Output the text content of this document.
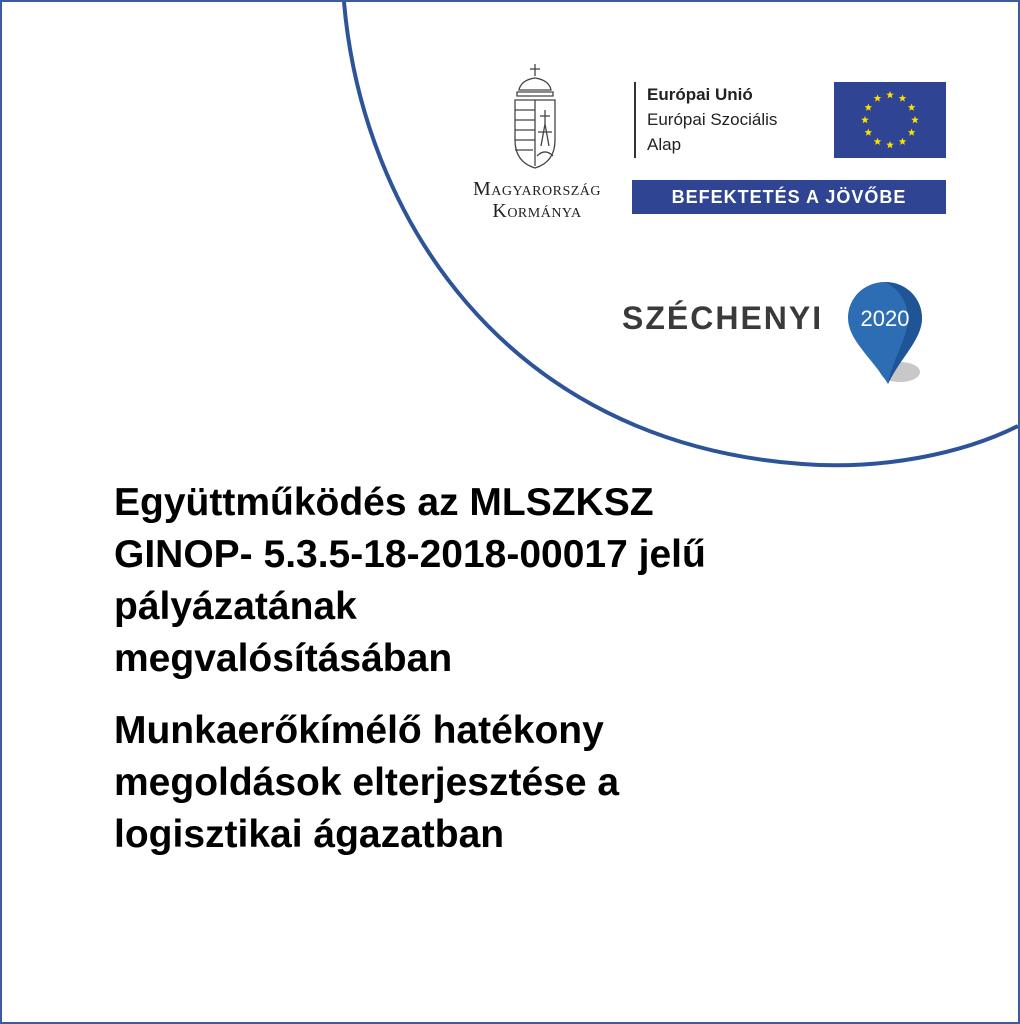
Magyarország
Kormánya
Európai Unió
Európai Szociális
Alap
BEFEKTETÉS A JÖVŐBE
SZÉCHENYI 2020
Együttműködés az MLSZKSZ
GINOP- 5.3.5-18-2018-00017 jelű
pályázatának
megvalósításában
Munkaerőkímélő hatékony
megoldások elterjesztése a
logisztikai ágazatban
